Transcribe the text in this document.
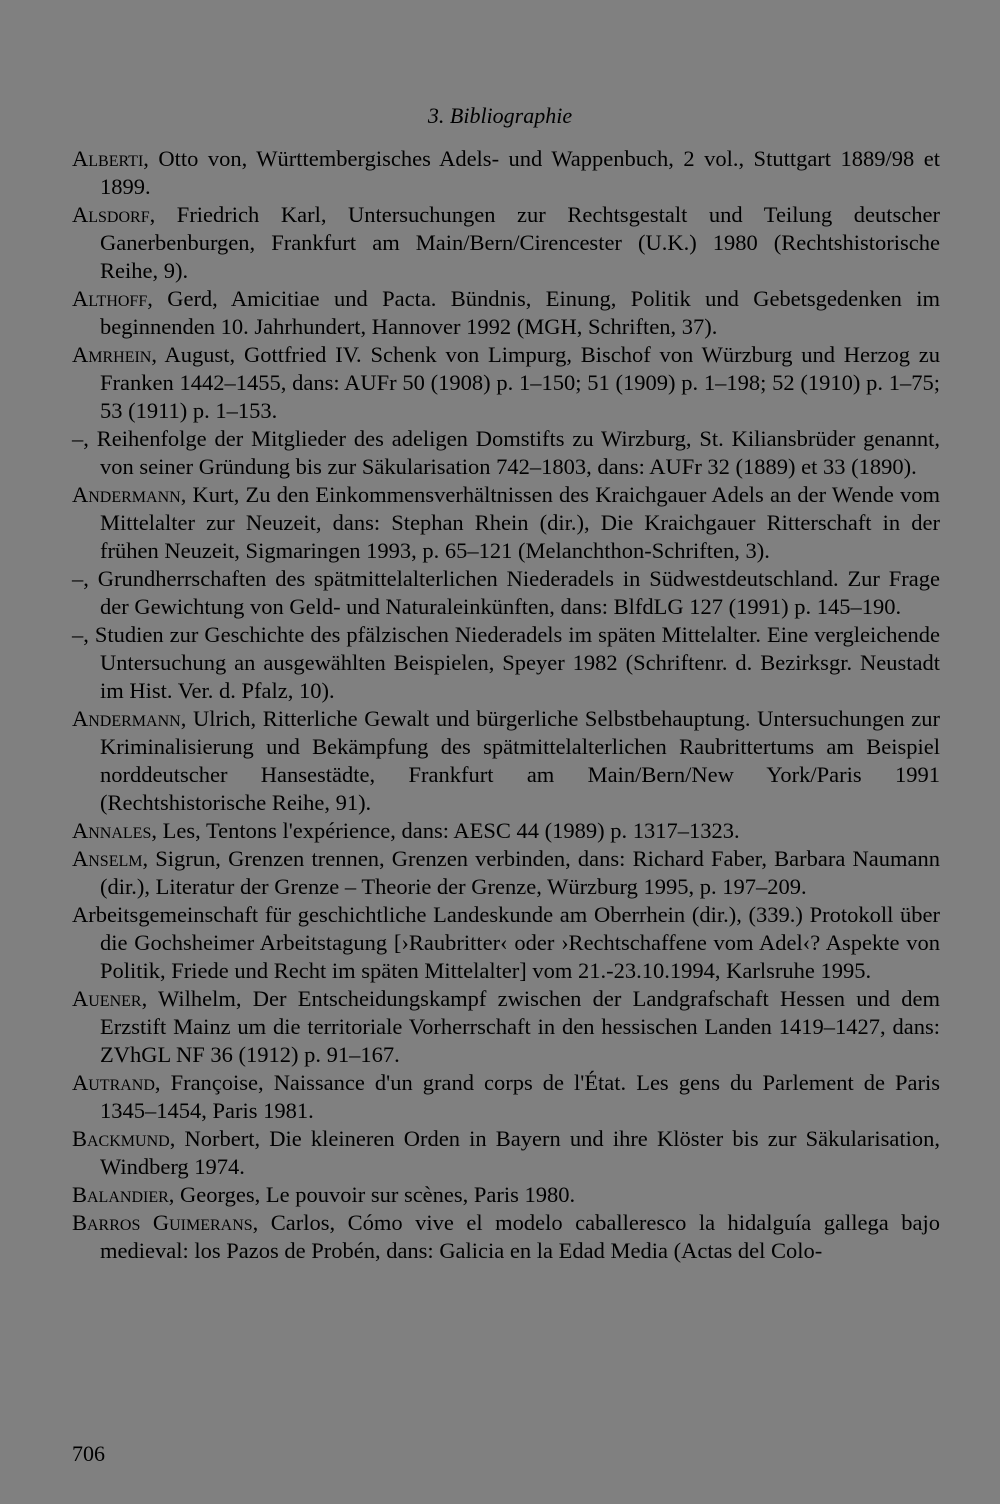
3. Bibliographie

Alberti, Otto von, Württembergisches Adels- und Wappenbuch, 2 vol., Stuttgart 1889/98 et 1899.

Alsdorf, Friedrich Karl, Untersuchungen zur Rechtsgestalt und Teilung deutscher Ganerbenburgen, Frankfurt am Main/Bern/Cirencester (U.K.) 1980 (Rechtshistorische Reihe, 9).

Althoff, Gerd, Amicitiae und Pacta. Bündnis, Einung, Politik und Gebetsgedenken im beginnenden 10. Jahrhundert, Hannover 1992 (MGH, Schriften, 37).

Amrhein, August, Gottfried IV. Schenk von Limpurg, Bischof von Würzburg und Herzog zu Franken 1442–1455, dans: AUFr 50 (1908) p. 1–150; 51 (1909) p. 1–198; 52 (1910) p. 1–75; 53 (1911) p. 1–153.

–, Reihenfolge der Mitglieder des adeligen Domstifts zu Wirzburg, St. Kiliansbrüder genannt, von seiner Gründung bis zur Säkularisation 742–1803, dans: AUFr 32 (1889) et 33 (1890).

Andermann, Kurt, Zu den Einkommensverhältnissen des Kraichgauer Adels an der Wende vom Mittelalter zur Neuzeit, dans: Stephan Rhein (dir.), Die Kraichgauer Ritterschaft in der frühen Neuzeit, Sigmaringen 1993, p. 65–121 (Melanchthon-Schriften, 3).

–, Grundherrschaften des spätmittelalterlichen Niederadels in Südwestdeutschland. Zur Frage der Gewichtung von Geld- und Naturaleinkünften, dans: BlfdLG 127 (1991) p. 145–190.

–, Studien zur Geschichte des pfälzischen Niederadels im späten Mittelalter. Eine vergleichende Untersuchung an ausgewählten Beispielen, Speyer 1982 (Schriftenr. d. Bezirksgr. Neustadt im Hist. Ver. d. Pfalz, 10).

Andermann, Ulrich, Ritterliche Gewalt und bürgerliche Selbstbehauptung. Untersuchungen zur Kriminalisierung und Bekämpfung des spätmittelalterlichen Raubrittertums am Beispiel norddeutscher Hansestädte, Frankfurt am Main/Bern/New York/Paris 1991 (Rechtshistorische Reihe, 91).

Annales, Les, Tentons l'expérience, dans: AESC 44 (1989) p. 1317–1323.

Anselm, Sigrun, Grenzen trennen, Grenzen verbinden, dans: Richard Faber, Barbara Naumann (dir.), Literatur der Grenze – Theorie der Grenze, Würzburg 1995, p. 197–209.

Arbeitsgemeinschaft für geschichtliche Landeskunde am Oberrhein (dir.), (339.) Protokoll über die Gochsheimer Arbeitstagung [›Raubritter‹ oder ›Rechtschaffene vom Adel‹? Aspekte von Politik, Friede und Recht im späten Mittelalter] vom 21.-23.10.1994, Karlsruhe 1995.

Auener, Wilhelm, Der Entscheidungskampf zwischen der Landgrafschaft Hessen und dem Erzstift Mainz um die territoriale Vorherrschaft in den hessischen Landen 1419–1427, dans: ZVhGL NF 36 (1912) p. 91–167.

Autrand, Françoise, Naissance d'un grand corps de l'État. Les gens du Parlement de Paris 1345–1454, Paris 1981.

Backmund, Norbert, Die kleineren Orden in Bayern und ihre Klöster bis zur Säkularisation, Windberg 1974.

Balandier, Georges, Le pouvoir sur scènes, Paris 1980.

Barros Guimerans, Carlos, Cómo vive el modelo caballeresco la hidalguía gallega bajo medieval: los Pazos de Probén, dans: Galicia en la Edad Media (Actas del Colo-

706
